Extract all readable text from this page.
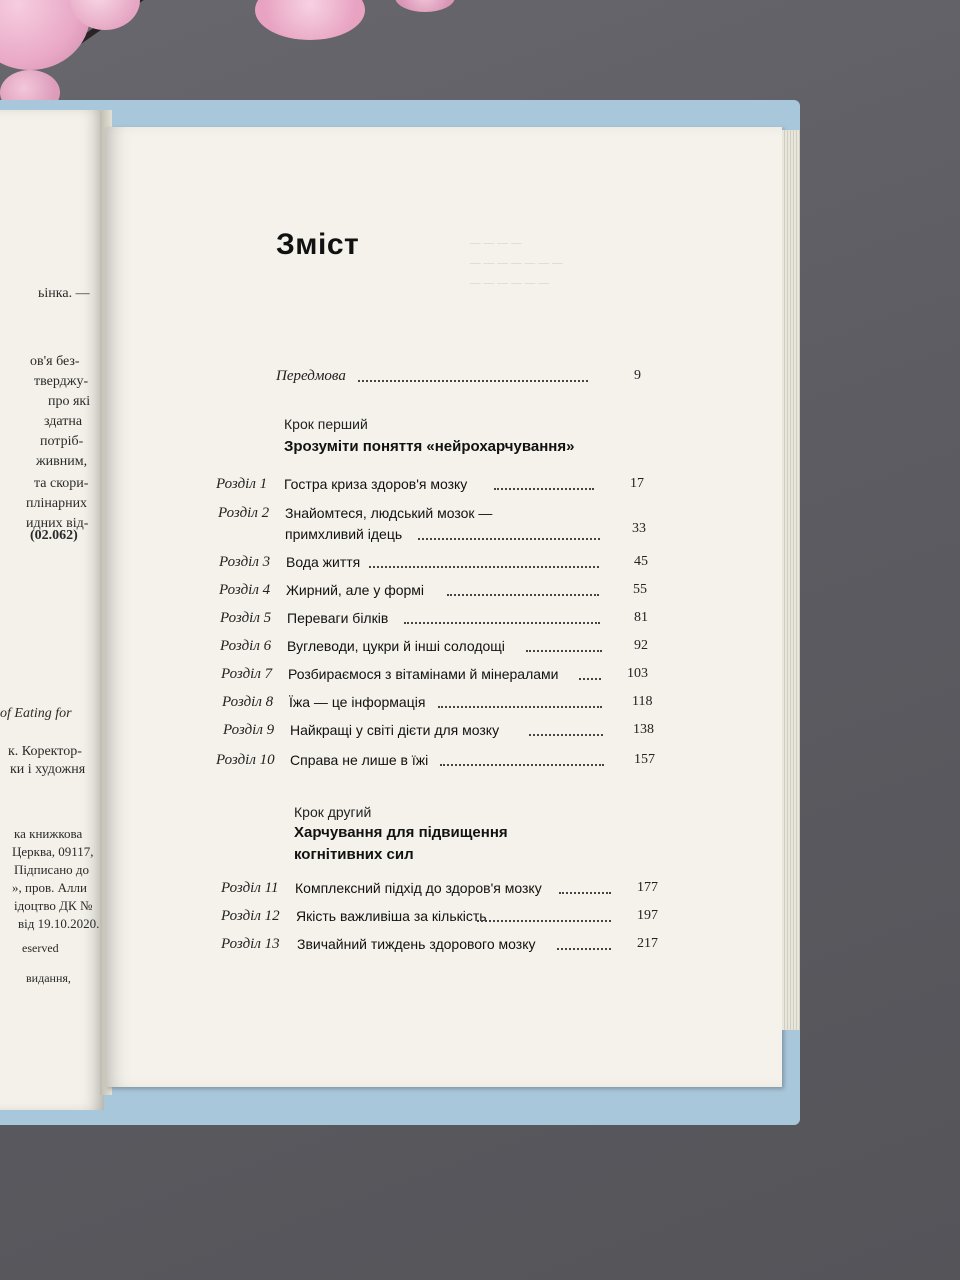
ьінка. —
ов'я без-
тверджу-
про які
здатна
потріб-
живним,
та скори-
плінарних
идних від-
(02.062)
of Eating for
к. Коректор-
ки і художня
ка книжкова
Церква, 09117,
Підписано до
», пров. Алли
ідоцтво ДК №
від 19.10.2020.
eserved
видання,
— — — —
— — — — — — —
— — — — — —
Зміст
Передмова	9
Крок перший
Зрозуміти поняття «нейрохарчування»
Розділ 1 Гостра криза здоров'я мозку	17
Розділ 2 Знайомтеся, людський мозок —
примхливий ідець	33
Розділ 3 Вода життя	45
Розділ 4 Жирний, але у формі	55
Розділ 5 Переваги білків	81
Розділ 6 Вуглеводи, цукри й інші солодощі	92
Розділ 7 Розбираємося з вітамінами й мінералами	103
Розділ 8 Їжа — це інформація	118
Розділ 9 Найкращі у світі дієти для мозку	138
Розділ 10 Справа не лише в їжі	157
Крок другий
Харчування для підвищення
когнітивних сил
Розділ 11 Комплексний підхід до здоров'я мозку	177
Розділ 12 Якість важливіша за кількість	197
Розділ 13 Звичайний тиждень здорового мозку	217
